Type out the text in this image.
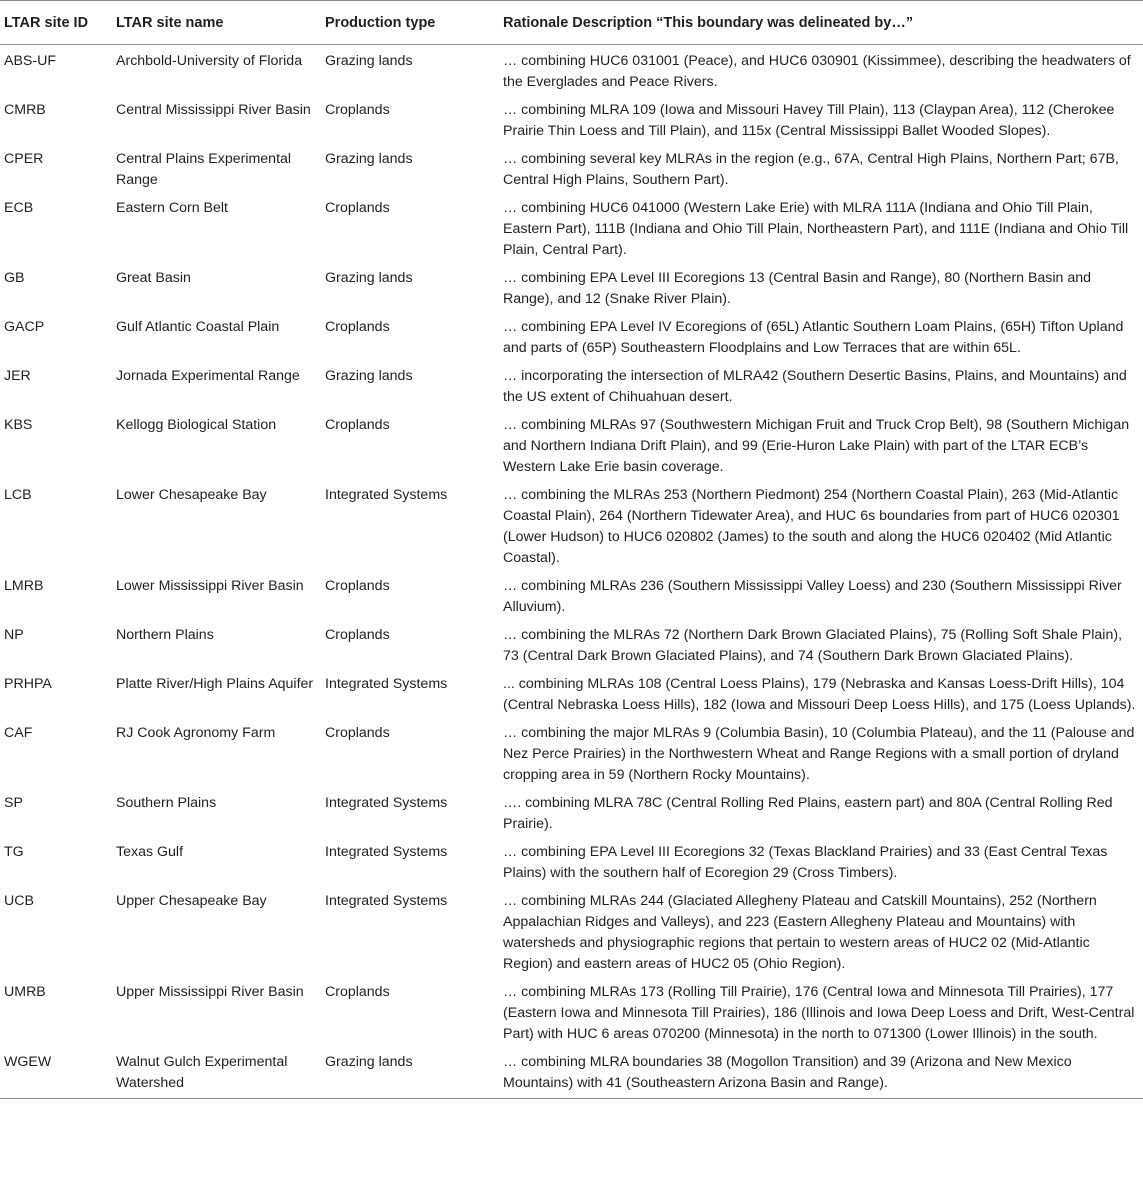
LTAR site ID	LTAR site name	Production type	Rationale Description “This boundary was delineated by…”
ABS-UF	Archbold-University of Florida	Grazing lands	… combining HUC6 031001 (Peace), and HUC6 030901 (Kissimmee), describing the headwaters of the Everglades and Peace Rivers.
CMRB	Central Mississippi River Basin	Croplands	… combining MLRA 109 (Iowa and Missouri Havey Till Plain), 113 (Claypan Area), 112 (Cherokee Prairie Thin Loess and Till Plain), and 115x (Central Mississippi Ballet Wooded Slopes).
CPER	Central Plains Experimental Range	Grazing lands	… combining several key MLRAs in the region (e.g., 67A, Central High Plains, Northern Part; 67B, Central High Plains, Southern Part).
ECB	Eastern Corn Belt	Croplands	… combining HUC6 041000 (Western Lake Erie) with MLRA 111A (Indiana and Ohio Till Plain, Eastern Part), 111B (Indiana and Ohio Till Plain, Northeastern Part), and 111E (Indiana and Ohio Till Plain, Central Part).
GB	Great Basin	Grazing lands	… combining EPA Level III Ecoregions 13 (Central Basin and Range), 80 (Northern Basin and Range), and 12 (Snake River Plain).
GACP	Gulf Atlantic Coastal Plain	Croplands	… combining EPA Level IV Ecoregions of (65L) Atlantic Southern Loam Plains, (65H) Tifton Upland and parts of (65P) Southeastern Floodplains and Low Terraces that are within 65L.
JER	Jornada Experimental Range	Grazing lands	… incorporating the intersection of MLRA42 (Southern Desertic Basins, Plains, and Mountains) and the US extent of Chihuahuan desert.
KBS	Kellogg Biological Station	Croplands	… combining MLRAs 97 (Southwestern Michigan Fruit and Truck Crop Belt), 98 (Southern Michigan and Northern Indiana Drift Plain), and 99 (Erie-Huron Lake Plain) with part of the LTAR ECB’s Western Lake Erie basin coverage.
LCB	Lower Chesapeake Bay	Integrated Systems	… combining the MLRAs 253 (Northern Piedmont) 254 (Northern Coastal Plain), 263 (Mid-Atlantic Coastal Plain), 264 (Northern Tidewater Area), and HUC 6s boundaries from part of HUC6 020301 (Lower Hudson) to HUC6 020802 (James) to the south and along the HUC6 020402 (Mid Atlantic Coastal).
LMRB	Lower Mississippi River Basin	Croplands	… combining MLRAs 236 (Southern Mississippi Valley Loess) and 230 (Southern Mississippi River Alluvium).
NP	Northern Plains	Croplands	… combining the MLRAs 72 (Northern Dark Brown Glaciated Plains), 75 (Rolling Soft Shale Plain), 73 (Central Dark Brown Glaciated Plains), and 74 (Southern Dark Brown Glaciated Plains).
PRHPA	Platte River/High Plains Aquifer	Integrated Systems	... combining MLRAs 108 (Central Loess Plains), 179 (Nebraska and Kansas Loess-Drift Hills), 104 (Central Nebraska Loess Hills), 182 (Iowa and Missouri Deep Loess Hills), and 175 (Loess Uplands).
CAF	RJ Cook Agronomy Farm	Croplands	… combining the major MLRAs 9 (Columbia Basin), 10 (Columbia Plateau), and the 11 (Palouse and Nez Perce Prairies) in the Northwestern Wheat and Range Regions with a small portion of dryland cropping area in 59 (Northern Rocky Mountains).
SP	Southern Plains	Integrated Systems	…. combining MLRA 78C (Central Rolling Red Plains, eastern part) and 80A (Central Rolling Red Prairie).
TG	Texas Gulf	Integrated Systems	… combining EPA Level III Ecoregions 32 (Texas Blackland Prairies) and 33 (East Central Texas Plains) with the southern half of Ecoregion 29 (Cross Timbers).
UCB	Upper Chesapeake Bay	Integrated Systems	… combining MLRAs 244 (Glaciated Allegheny Plateau and Catskill Mountains), 252 (Northern Appalachian Ridges and Valleys), and 223 (Eastern Allegheny Plateau and Mountains) with watersheds and physiographic regions that pertain to western areas of HUC2 02 (Mid-Atlantic Region) and eastern areas of HUC2 05 (Ohio Region).
UMRB	Upper Mississippi River Basin	Croplands	… combining MLRAs 173 (Rolling Till Prairie), 176 (Central Iowa and Minnesota Till Prairies), 177 (Eastern Iowa and Minnesota Till Prairies), 186 (Illinois and Iowa Deep Loess and Drift, West-Central Part) with HUC 6 areas 070200 (Minnesota) in the north to 071300 (Lower Illinois) in the south.
WGEW	Walnut Gulch Experimental Watershed	Grazing lands	… combining MLRA boundaries 38 (Mogollon Transition) and 39 (Arizona and New Mexico Mountains) with 41 (Southeastern Arizona Basin and Range).
